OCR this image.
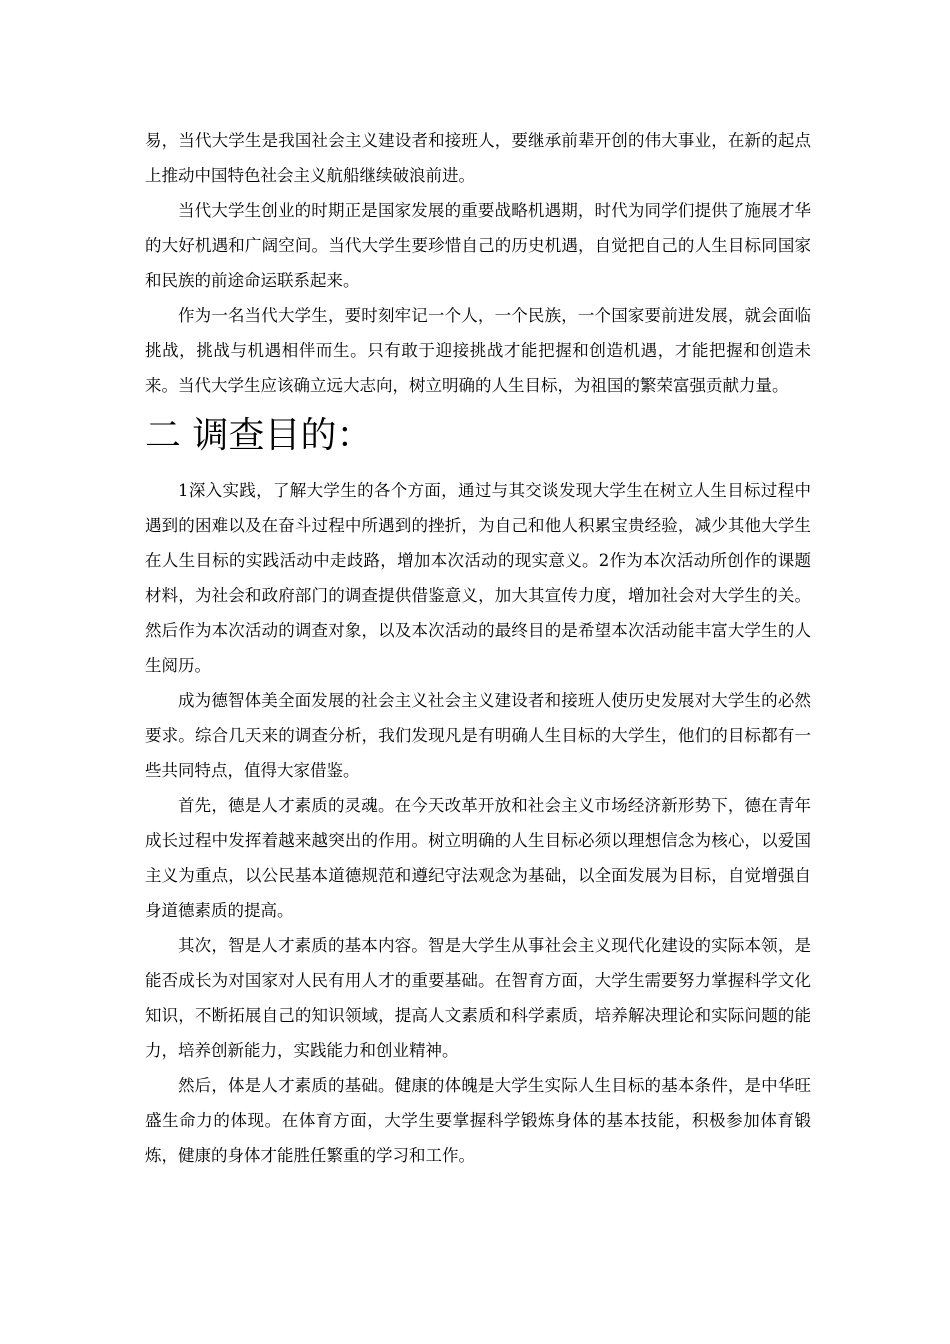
易，当代大学生是我国社会主义建设者和接班人，要继承前辈开创的伟大事业，在新的起点上推动中国特色社会主义航船继续破浪前进。

当代大学生创业的时期正是国家发展的重要战略机遇期，时代为同学们提供了施展才华的大好机遇和广阔空间。当代大学生要珍惜自己的历史机遇，自觉把自己的人生目标同国家和民族的前途命运联系起来。

作为一名当代大学生，要时刻牢记一个人，一个民族，一个国家要前进发展，就会面临挑战，挑战与机遇相伴而生。只有敢于迎接挑战才能把握和创造机遇，才能把握和创造未来。当代大学生应该确立远大志向，树立明确的人生目标，为祖国的繁荣富强贡献力量。

二 调查目的：

1深入实践，了解大学生的各个方面，通过与其交谈发现大学生在树立人生目标过程中遇到的困难以及在奋斗过程中所遇到的挫折，为自己和他人积累宝贵经验，减少其他大学生在人生目标的实践活动中走歧路，增加本次活动的现实意义。2作为本次活动所创作的课题材料，为社会和政府部门的调查提供借鉴意义，加大其宣传力度，增加社会对大学生的关。然后作为本次活动的调查对象，以及本次活动的最终目的是希望本次活动能丰富大学生的人生阅历。

成为德智体美全面发展的社会主义社会主义建设者和接班人使历史发展对大学生的必然要求。综合几天来的调查分析，我们发现凡是有明确人生目标的大学生，他们的目标都有一些共同特点，值得大家借鉴。

首先，德是人才素质的灵魂。在今天改革开放和社会主义市场经济新形势下，德在青年成长过程中发挥着越来越突出的作用。树立明确的人生目标必须以理想信念为核心，以爱国主义为重点，以公民基本道德规范和遵纪守法观念为基础，以全面发展为目标，自觉增强自身道德素质的提高。

其次，智是人才素质的基本内容。智是大学生从事社会主义现代化建设的实际本领，是能否成长为对国家对人民有用人才的重要基础。在智育方面，大学生需要努力掌握科学文化知识，不断拓展自己的知识领域，提高人文素质和科学素质，培养解决理论和实际问题的能力，培养创新能力，实践能力和创业精神。

然后，体是人才素质的基础。健康的体魄是大学生实际人生目标的基本条件，是中华旺盛生命力的体现。在体育方面，大学生要掌握科学锻炼身体的基本技能，积极参加体育锻炼，健康的身体才能胜任繁重的学习和工作。
